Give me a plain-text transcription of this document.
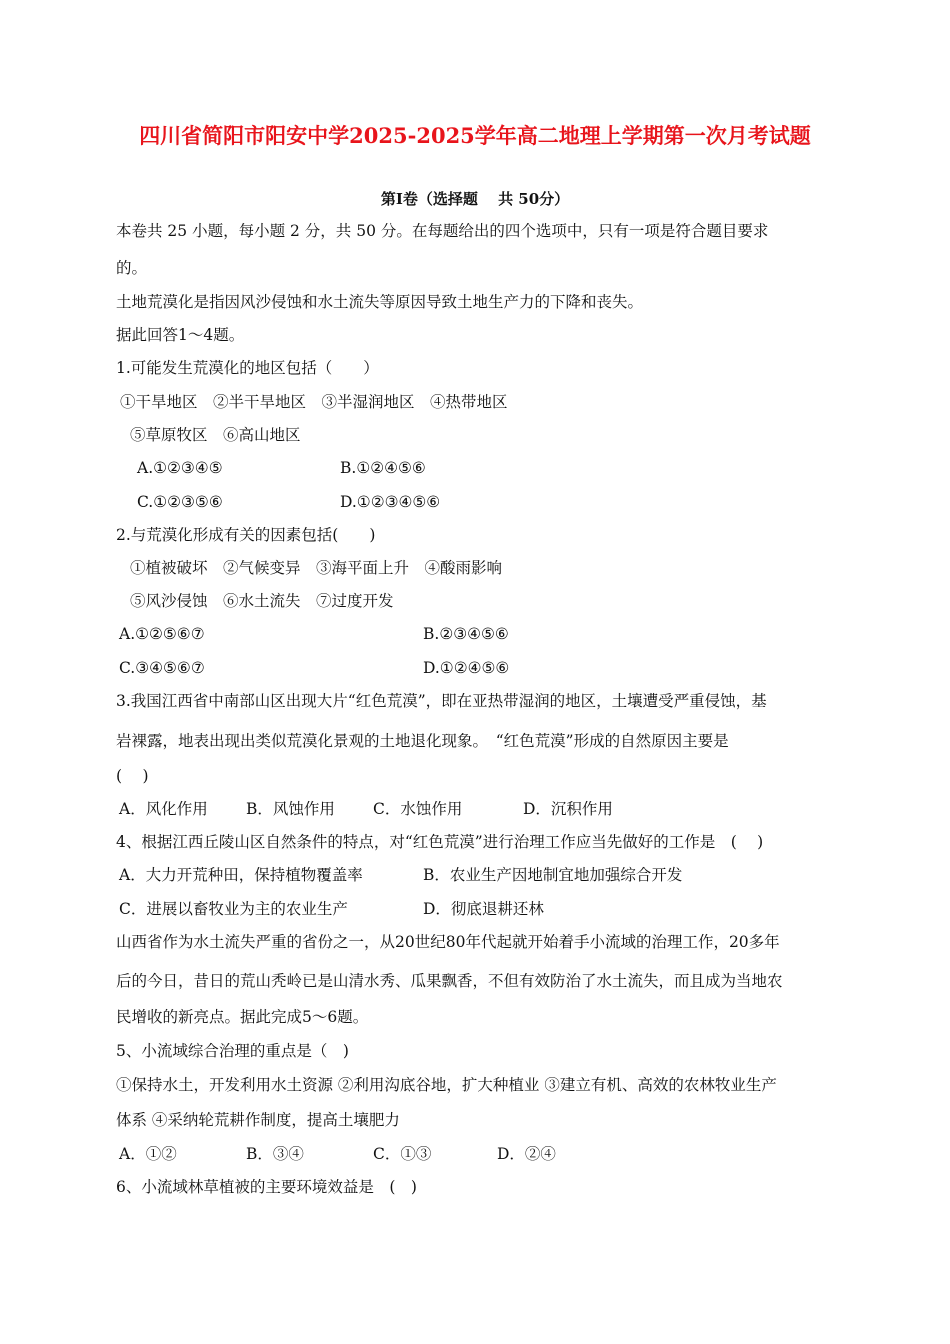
四川省简阳市阳安中学2025-2025学年高二地理上学期第一次月考试题
第Ⅰ卷（选择题　 共 50分）
本卷共 25 小题，每小题 2 分，共 50 分。在每题给出的四个选项中，只有一项是符合题目要求
的。
土地荒漠化是指因风沙侵蚀和水土流失等原因导致土地生产力的下降和丧失。
据此回答1～4题。
1.可能发生荒漠化的地区包括（　　）
①干旱地区　②半干旱地区　③半湿润地区　④热带地区
⑤草原牧区　⑥高山地区
A.①②③④⑤	B.①②④⑤⑥
C.①②③⑤⑥	D.①②③④⑤⑥
2.与荒漠化形成有关的因素包括(　　)
①植被破坏　②气候变异　③海平面上升　④酸雨影响
⑤风沙侵蚀　⑥水土流失　⑦过度开发
A.①②⑤⑥⑦	B.②③④⑤⑥
C.③④⑤⑥⑦	D.①②④⑤⑥
3.我国江西省中南部山区出现大片“红色荒漠”，即在亚热带湿润的地区，土壤遭受严重侵蚀，基
岩裸露，地表出现出类似荒漠化景观的土地退化现象。　“红色荒漠”形成的自然原因主要是
(　 )
A．风化作用 B．风蚀作用 C．水蚀作用	D．沉积作用
4、根据江西丘陵山区自然条件的特点，对“红色荒漠”进行治理工作应当先做好的工作是　(　 )
A．大力开荒种田，保持植物覆盖率	B．农业生产因地制宜地加强综合开发
C．进展以畜牧业为主的农业生产	D．彻底退耕还林
山西省作为水土流失严重的省份之一，从20世纪80年代起就开始着手小流域的治理工作，20多年
后的今日，昔日的荒山秃岭已是山清水秀、瓜果飘香，不但有效防治了水土流失，而且成为当地农
民增收的新亮点。据此完成5～6题。
5、小流域综合治理的重点是（　)
①保持水土，开发利用水土资源 ②利用沟底谷地，扩大种植业 ③建立有机、高效的农林牧业生产
体系 ④采纳轮荒耕作制度，提高土壤肥力
A．①②	B．③④	C．①③	D．②④
6、小流域林草植被的主要环境效益是　(　)
